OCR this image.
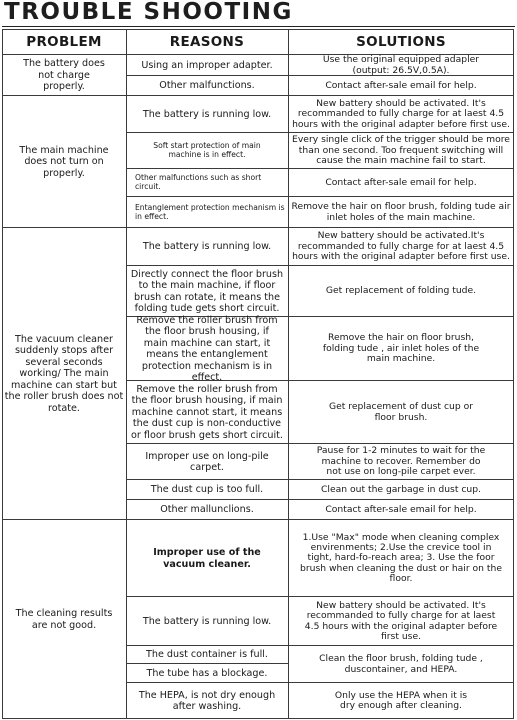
TROUBLE SHOOTING
PROBLEM	REASONS	SOLUTIONS
The battery does not charge properly.
The main machine does not turn on properly.
The vacuum cleaner suddenly stops after several seconds working/ The main machine can start but the roller brush does not rotate.
The cleaning results are not good.
Using an improper adapter.
Other malfunctions.
The battery is running low.
Soft start protection of main machine is in effect.
Other malfunctions such as short circuit.
Entanglement protection mechanism is in effect.
The battery is running low.
Directly connect the floor brush to the main machine, if floor brush can rotate, it means the folding tude gets short circuit.
Remove the roller brush from the floor brush housing, if main machine can start, it means the entanglement protection mechanism is in effect.
Remove the roller brush from the floor brush housing, if main machine cannot start, it means the dust cup is non-conductive or floor brush gets short circuit.
Improper use on long-pile carpet.
The dust cup is too full.
Other mallunclions.
Improper use of the vacuum cleaner.
The battery is running low.
The dust container is full.
The tube has a blockage.
The HEPA, is not dry enough after washing.
Use the original equipped adapler (output: 26.5V,0.5A).
Contact after-sale email for help.
New battery should be activated. It's recommanded to fully charge for at laest 4.5 hours with the original adapter before first use.
Every single click of the trigger should be more than one second. Too frequent switching will cause the main machine fail to start.
Contact after-sale email for help.
Remove the hair on floor brush, folding tude air inlet holes of the main machine.
New battery should be activated.It's recommanded to fully charge for at laest 4.5 hours with the original adapter before first use.
Get replacement of folding tude.
Remove the hair on floor brush, folding tude , air inlet holes of the main machine.
Get replacement of dust cup or floor brush.
Pause for 1-2 minutes to wait for the machine to recover. Remember do not use on long-pile carpet ever.
Clean out the garbage in dust cup.
Contact after-sale email for help.
1.Use "Max" mode when cleaning complex envirenments; 2.Use the crevice tool in tight, hard-fo-reach area; 3. Use the foor brush when cleaning the dust or hair on the floor.
New battery should be activated. It's recommanded to fully charge for at laest 4.5 hours with the original adapter before first use.
Clean the floor brush, folding tude , duscontainer, and HEPA.
Only use the HEPA when it is dry enough after cleaning.
